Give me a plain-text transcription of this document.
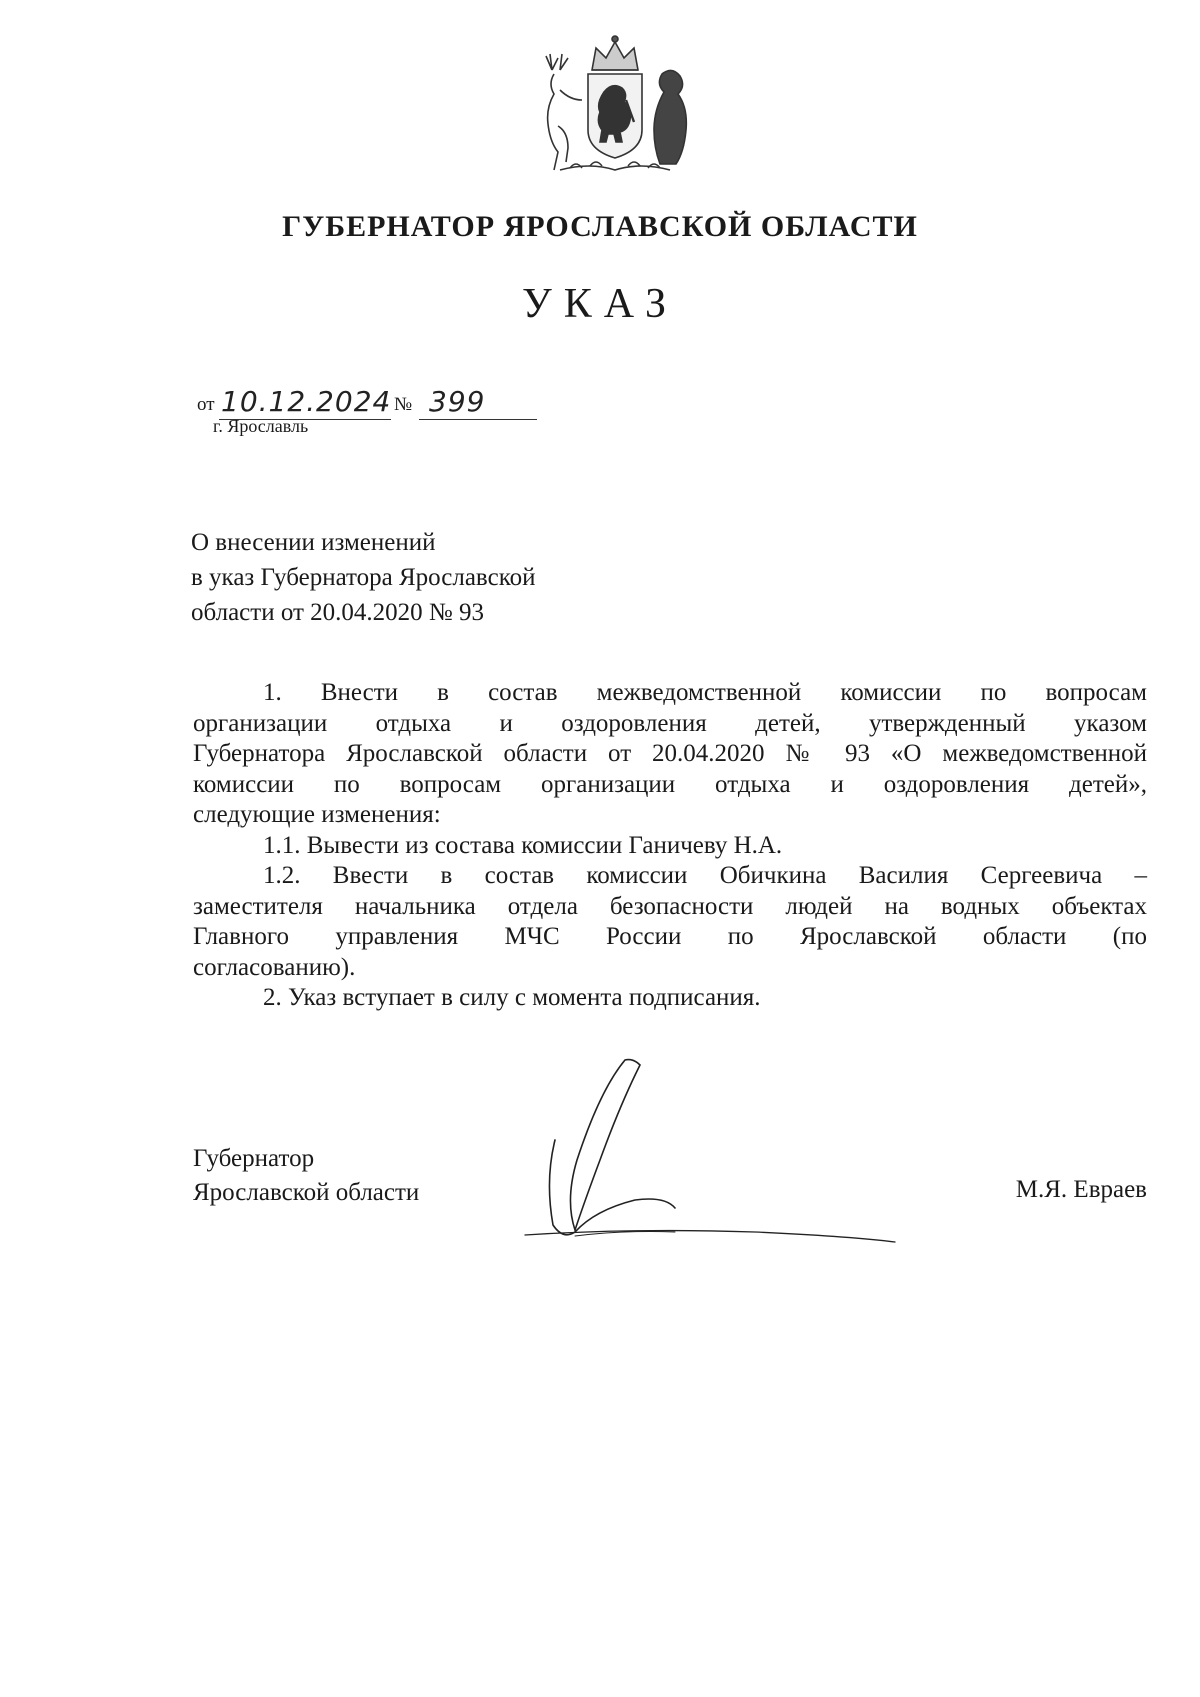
ГУБЕРНАТОР ЯРОСЛАВСКОЙ ОБЛАСТИ
УКАЗ
от 10.12.2024 № 399
г. Ярославль
О внесении изменений
в указ Губернатора Ярославской
области от 20.04.2020 № 93
1. Внести в состав межведомственной комиссии по вопросам
организации отдыха и оздоровления детей, утвержденный указом
Губернатора Ярославской области от 20.04.2020 № 93 «О межведомственной
комиссии по вопросам организации отдыха и оздоровления детей»,
следующие изменения:
1.1. Вывести из состава комиссии Ганичеву Н.А.
1.2. Ввести в состав комиссии Обичкина Василия Сергеевича –
заместителя начальника отдела безопасности людей на водных объектах
Главного управления МЧС России по Ярославской области (по
согласованию).
2. Указ вступает в силу с момента подписания.
Губернатор
Ярославской области	М.Я. Евраев
